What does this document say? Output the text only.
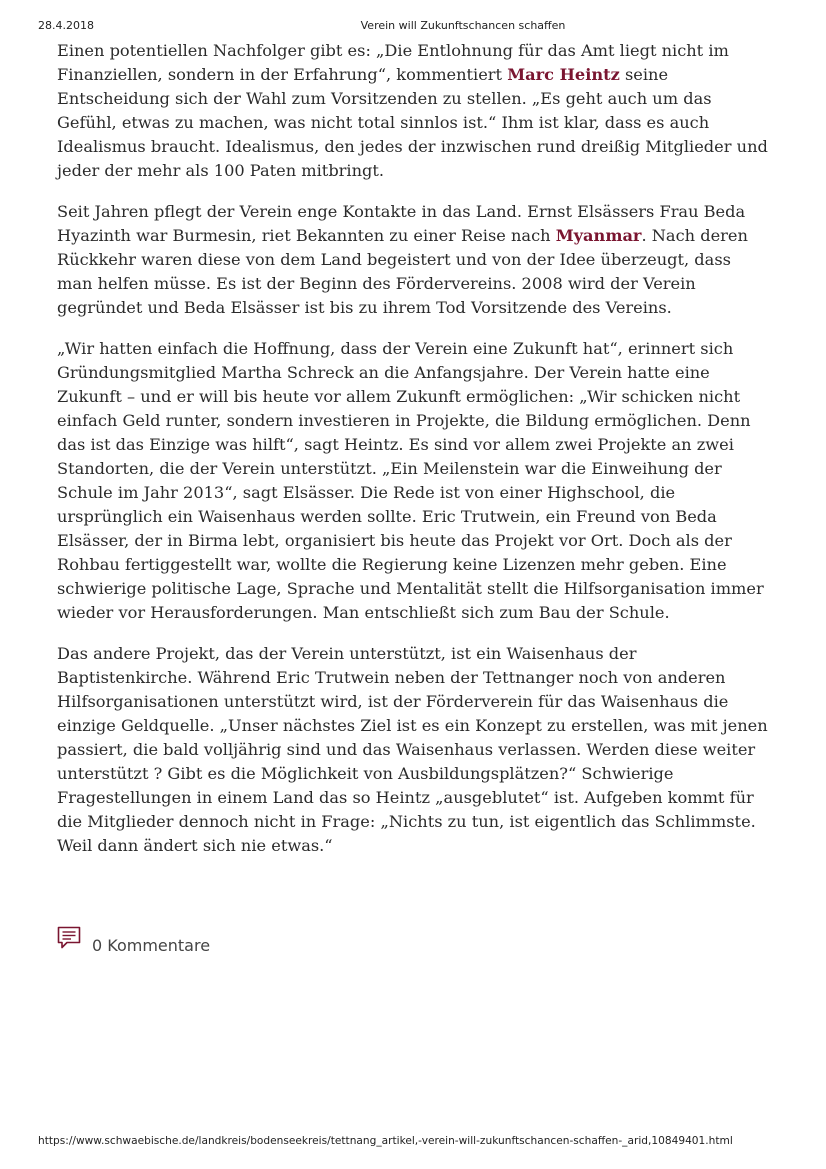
28.4.2018	Verein will Zukunftschancen schaffen

Einen potentiellen Nachfolger gibt es: „Die Entlohnung für das Amt liegt nicht im Finanziellen, sondern in der Erfahrung“, kommentiert Marc Heintz seine Entscheidung sich der Wahl zum Vorsitzenden zu stellen. „Es geht auch um das Gefühl, etwas zu machen, was nicht total sinnlos ist.“ Ihm ist klar, dass es auch Idealismus braucht. Idealismus, den jedes der inzwischen rund dreißig Mitglieder und jeder der mehr als 100 Paten mitbringt.

Seit Jahren pflegt der Verein enge Kontakte in das Land. Ernst Elsässers Frau Beda Hyazinth war Burmesin, riet Bekannten zu einer Reise nach Myanmar. Nach deren Rückkehr waren diese von dem Land begeistert und von der Idee überzeugt, dass man helfen müsse. Es ist der Beginn des Fördervereins. 2008 wird der Verein gegründet und Beda Elsässer ist bis zu ihrem Tod Vorsitzende des Vereins.

„Wir hatten einfach die Hoffnung, dass der Verein eine Zukunft hat“, erinnert sich Gründungsmitglied Martha Schreck an die Anfangsjahre. Der Verein hatte eine Zukunft – und er will bis heute vor allem Zukunft ermöglichen: „Wir schicken nicht einfach Geld runter, sondern investieren in Projekte, die Bildung ermöglichen. Denn das ist das Einzige was hilft“, sagt Heintz. Es sind vor allem zwei Projekte an zwei Standorten, die der Verein unterstützt. „Ein Meilenstein war die Einweihung der Schule im Jahr 2013“, sagt Elsässer. Die Rede ist von einer Highschool, die ursprünglich ein Waisenhaus werden sollte. Eric Trutwein, ein Freund von Beda Elsässer, der in Birma lebt, organisiert bis heute das Projekt vor Ort. Doch als der Rohbau fertiggestellt war, wollte die Regierung keine Lizenzen mehr geben. Eine schwierige politische Lage, Sprache und Mentalität stellt die Hilfsorganisation immer wieder vor Herausforderungen. Man entschließt sich zum Bau der Schule.

Das andere Projekt, das der Verein unterstützt, ist ein Waisenhaus der Baptistenkirche. Während Eric Trutwein neben der Tettnanger noch von anderen Hilfsorganisationen unterstützt wird, ist der Förderverein für das Waisenhaus die einzige Geldquelle. „Unser nächstes Ziel ist es ein Konzept zu erstellen, was mit jenen passiert, die bald volljährig sind und das Waisenhaus verlassen. Werden diese weiter unterstützt ? Gibt es die Möglichkeit von Ausbildungsplätzen?“ Schwierige Fragestellungen in einem Land das so Heintz „ausgeblutet“ ist. Aufgeben kommt für die Mitglieder dennoch nicht in Frage: „Nichts zu tun, ist eigentlich das Schlimmste. Weil dann ändert sich nie etwas.“

0 Kommentare
https://www.schwaebische.de/landkreis/bodenseekreis/tettnang_artikel,-verein-will-zukunftschancen-schaffen-_arid,10849401.html
